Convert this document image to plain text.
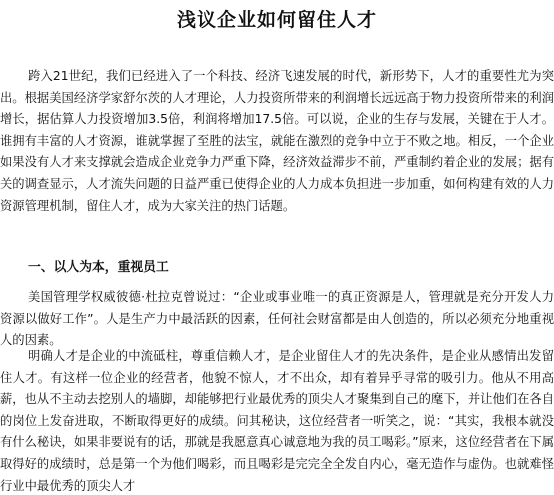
浅议企业如何留住人才

跨入21世纪，我们已经进入了一个科技、经济飞速发展的时代，新形势下，人才的重要性尤为突出。根据美国经济学家舒尔茨的人才理论，人力投资所带来的利润增长远远高于物力投资所带来的利润增长，据估算人力投资增加3.5倍，利润将增加17.5倍。可以说，企业的生存与发展，关键在于人才。谁拥有丰富的人才资源，谁就掌握了至胜的法宝，就能在激烈的竞争中立于不败之地。相反，一个企业如果没有人才来支撑就会造成企业竞争力严重下降，经济效益滞步不前，严重制约着企业的发展；据有关的调查显示，人才流失问题的日益严重已使得企业的人力成本负担进一步加重，如何构建有效的人力资源管理机制，留住人才，成为大家关注的热门话题。

一、以人为本，重视员工

美国管理学权威彼德·杜拉克曾说过：“企业或事业唯一的真正资源是人，管理就是充分开发人力资源以做好工作”。人是生产力中最活跃的因素，任何社会财富都是由人创造的，所以必须充分地重视人的因素。

明确人才是企业的中流砥柱，尊重信赖人才，是企业留住人才的先决条件，是企业从感情出发留住人才。有这样一位企业的经营者，他貌不惊人，才不出众，却有着异乎寻常的吸引力。他从不用高薪，也从不主动去挖别人的墙脚，却能够把行业最优秀的顶尖人才聚集到自己的麾下，并让他们在各自的岗位上发奋进取，不断取得更好的成绩。问其秘诀，这位经营者一听笑之，说：“其实，我根本就没有什么秘诀，如果非要说有的话，那就是我愿意真心诚意地为我的员工喝彩。”原来，这位经营者在下属取得好的成绩时，总是第一个为他们喝彩，而且喝彩是完完全全发自内心，毫无造作与虚伪。也就难怪行业中最优秀的顶尖人才
